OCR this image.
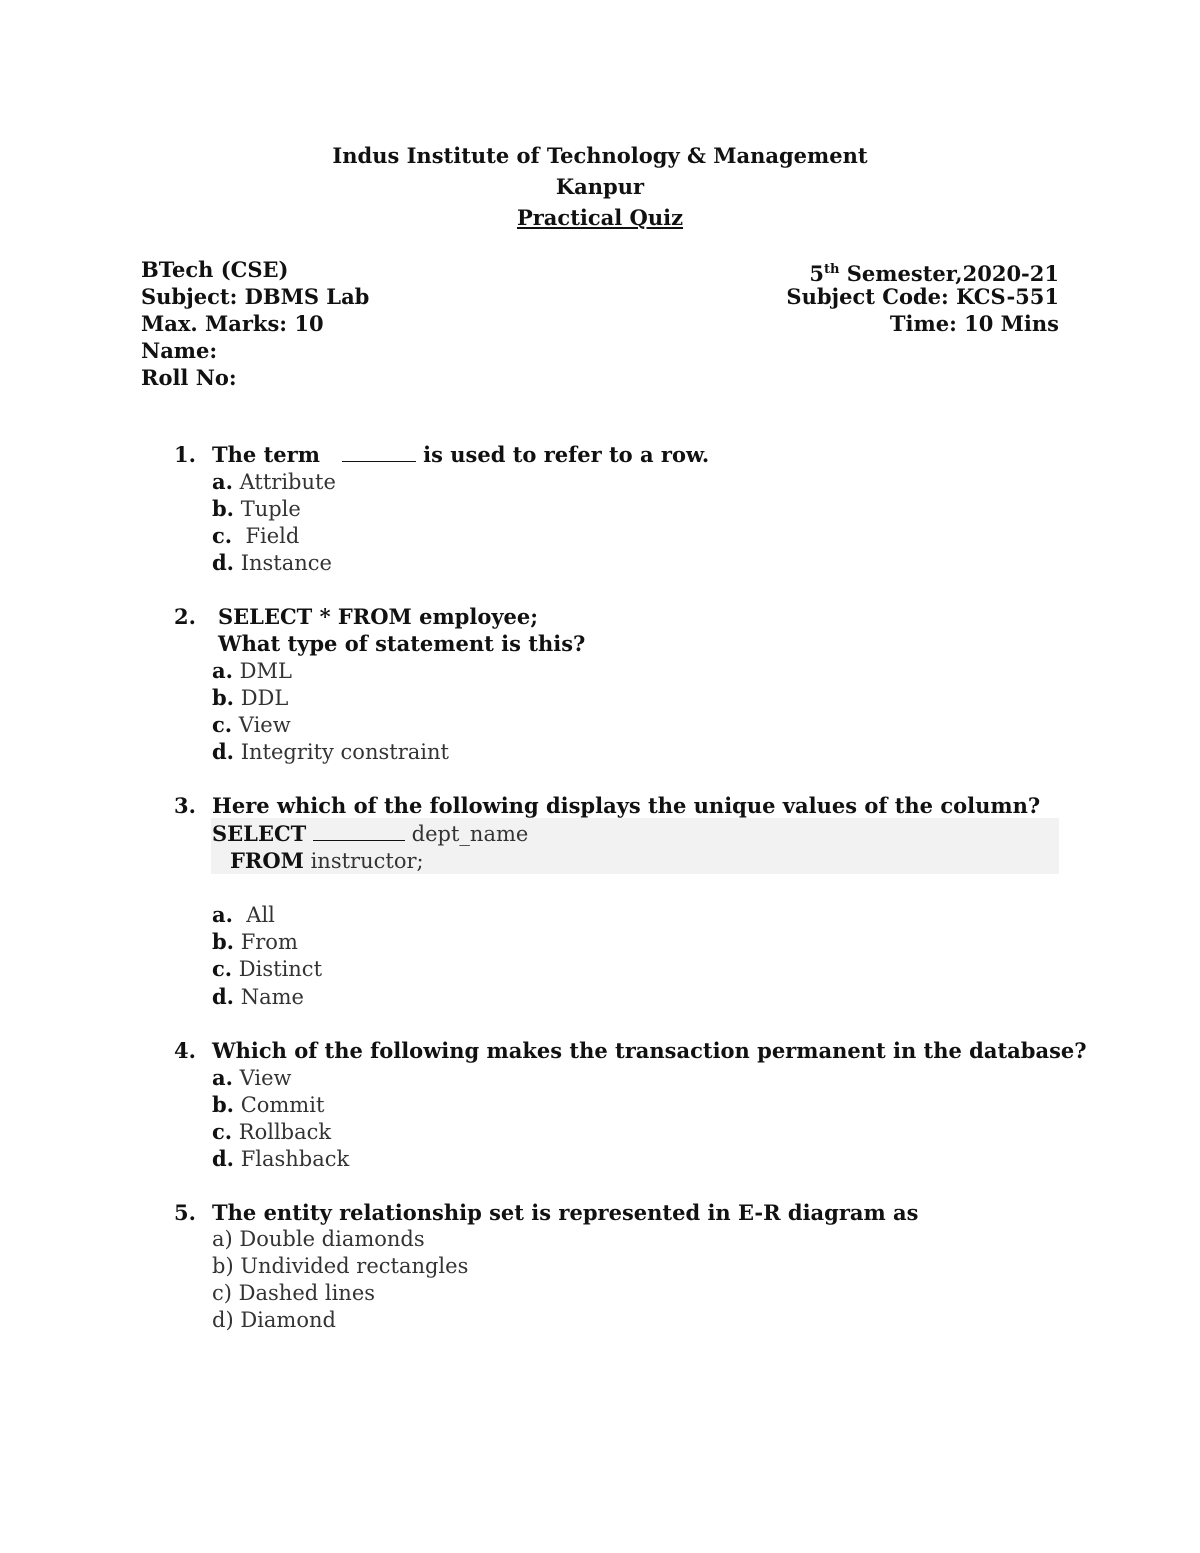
Indus Institute of Technology & Management
Kanpur
Practical Quiz
BTech (CSE)
Subject: DBMS Lab
Max. Marks: 10
Name:
Roll No:
5th Semester,2020-21
Subject Code: KCS-551
Time: 10 Mins
1. The term	is used to refer to a row.
a. Attribute
b. Tuple
c. Field
d. Instance
2. SELECT * FROM employee;
What type of statement is this?
a. DML
b. DDL
c. View
d. Integrity constraint
3. Here which of the following displays the unique values of the column?
SELECT	dept_name
FROM instructor;
a. All
b. From
c. Distinct
d. Name
4. Which of the following makes the transaction permanent in the database?
a. View
b. Commit
c. Rollback
d. Flashback
5. The entity relationship set is represented in E-R diagram as
a) Double diamonds
b) Undivided rectangles
c) Dashed lines
d) Diamond
